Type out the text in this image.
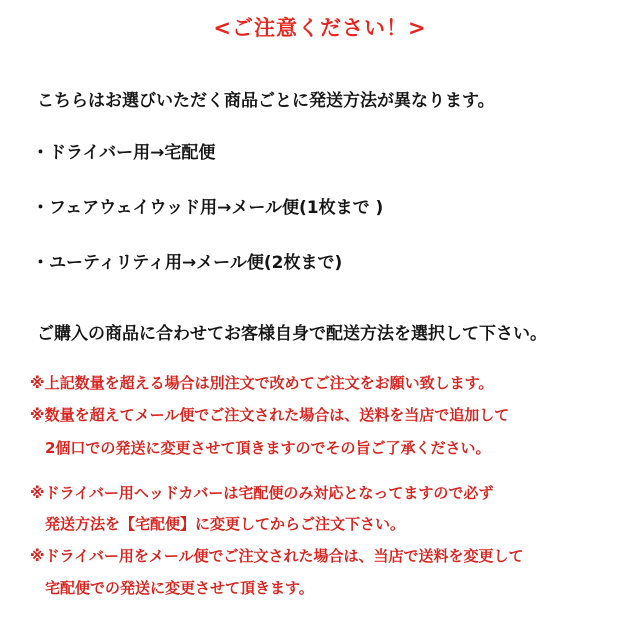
<ご注意ください！>
こちらはお選びいただく商品ごとに発送方法が異なります。
・ドライバー用→宅配便
・フェアウェイウッド用→メール便(1枚まで )
・ユーティリティ用→メール便(2枚まで)
ご購入の商品に合わせてお客様自身で配送方法を選択して下さい。
※上記数量を超える場合は別注文で改めてご注文をお願い致します。
※数量を超えてメール便でご注文された場合は、送料を当店で追加して
2個口での発送に変更させて頂きますのでその旨ご了承ください。
※ドライバー用ヘッドカバーは宅配便のみ対応となってますので必ず
発送方法を【宅配便】に変更してからご注文下さい。
※ドライバー用をメール便でご注文された場合は、当店で送料を変更して
宅配便での発送に変更させて頂きます。
